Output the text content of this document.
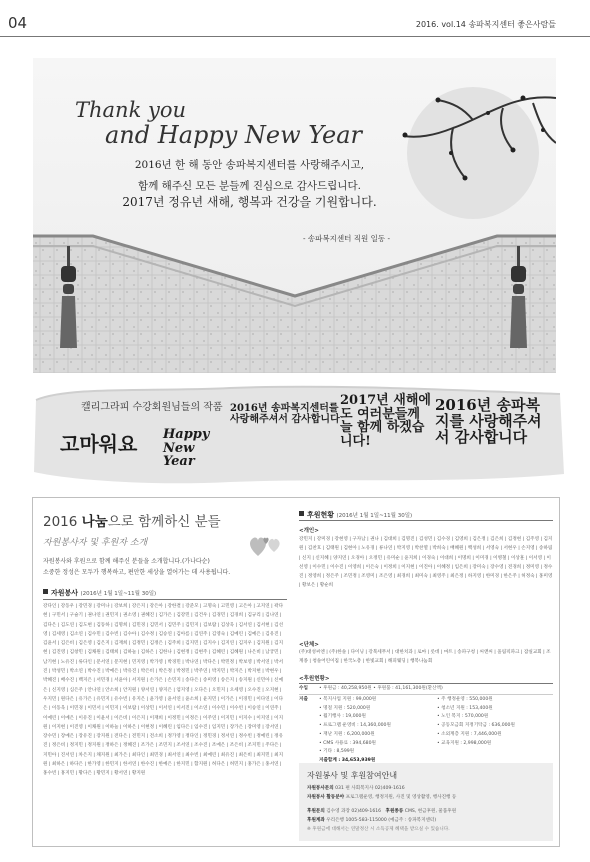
04	2016. vol.14 송파복지센터 좋은사람들
Thank you
and Happy New Year
2016년 한 해 동안 송파복지센터를 사랑해주시고,
함께 해주신 모든 분들께 진심으로 감사드립니다.
2017년 정유년 새해, 행복과 건강을 기원합니다.
- 송파복지센터 직원 일동 -
캘리그라피 수강회원님들의 작품
고마워요 Happy New Year
2016년 송파복지센터를 사랑해주셔서 감사합니다
2017년 새해에도 여러분들께 늘 함께 하겠습니다!
2016년 송파복지를 사랑해주셔서 감사합니다
2016 나눔으로 함께하신 분들
자원봉사자 및 후원자 소개
자원봉사와 후원으로 함께 해주신 분들을 소개합니다.(가나다순)
소중한 정성은 모두가 행복하고, 편안한 세상을 열어가는 데 사용됩니다.
자원봉사 (2016년 1월 1일~11월 30일)
강다인 | 강동우 | 강민경 | 강미나 | 강보희 | 강은지 | 강은아 | 강한결 | 강준모 | 고명숙 | 고민영 | 고은아 | 고지연 | 곽다현 | 구민서 | 구슬기 | 권나연 | 권민지 | 권소영 | 권혜진 | 김가은 | 김강민 | 김건우 | 김경민 | 김경희 | 김규리 | 김나연 | 김다은 | 김도연 | 김도현 | 김동하 | 김명희 | 김민경 | 김민서 | 김민주 | 김민지 | 김보람 | 김상욱 | 김서연 | 김서현 | 김선영 | 김세영 | 김소연 | 김수민 | 김수빈 | 김수아 | 김수정 | 김승연 | 김아름 | 김연주 | 김영숙 | 김예린 | 김예은 | 김유진 | 김윤서 | 김은비 | 김은영 | 김은지 | 김재희 | 김정민 | 김정은 | 김주희 | 김지민 | 김지수 | 김지연 | 김지우 | 김지원 | 김지현 | 김진영 | 김창민 | 김채원 | 김태희 | 김하늘 | 김하은 | 김한나 | 김현정 | 김현주 | 김혜린 | 김혜원 | 나은비 | 남궁민 | 남기현 | 노유진 | 류다인 | 문서연 | 문지현 | 민지영 | 박가영 | 박경민 | 박나연 | 박다은 | 박민정 | 박보영 | 박서연 | 박서진 | 박성민 | 박소연 | 박수진 | 박예은 | 박유진 | 박은비 | 박은정 | 박정민 | 박주연 | 박지민 | 박지은 | 박지현 | 박현우 | 박혜진 | 배수진 | 백지은 | 서민경 | 서윤아 | 서지원 | 손가은 | 손민지 | 송다은 | 송미영 | 송은지 | 송지원 | 신민아 | 신예은 | 신지영 | 심은주 | 안나연 | 안소희 | 안지원 | 양서연 | 양지은 | 엄지영 | 오다은 | 오민지 | 오세영 | 오수진 | 오지현 | 우지민 | 원다은 | 유가은 | 유민지 | 유수빈 | 유지은 | 윤가영 | 윤서연 | 윤소희 | 윤지민 | 이가은 | 이경민 | 이다연 | 이다은 | 이동욱 | 이민경 | 이민서 | 이민지 | 이보람 | 이상민 | 이서연 | 이서진 | 이소연 | 이수민 | 이수빈 | 이승연 | 이연주 | 이예린 | 이예은 | 이유진 | 이윤서 | 이은비 | 이은지 | 이재희 | 이정민 | 이정은 | 이주연 | 이지민 | 이지수 | 이지연 | 이지원 | 이지현 | 이진영 | 이채원 | 이하늘 | 이하은 | 이현정 | 이혜린 | 임다은 | 임수진 | 임지민 | 장가은 | 장미영 | 장서연 | 장수민 | 장예은 | 장유진 | 장지원 | 전다은 | 전민지 | 전소희 | 정가영 | 정다인 | 정민경 | 정서연 | 정수빈 | 정예린 | 정유진 | 정은비 | 정지민 | 정지원 | 정하은 | 정혜진 | 조가은 | 조민지 | 조서연 | 조수진 | 조예은 | 조은비 | 조지민 | 주다은 | 지민아 | 진서연 | 차은지 | 채지원 | 최가은 | 최다인 | 최민경 | 최서연 | 최수빈 | 최예린 | 최유진 | 최은비 | 최지민 | 최지원 | 최하은 | 하다은 | 한가영 | 한민지 | 한서연 | 한수진 | 한예은 | 한지민 | 함지원 | 허다은 | 허민지 | 홍가은 | 홍서연 | 홍수빈 | 홍지민 | 황다은 | 황민지 | 황서연 | 황지원
후원현황 (2016년 1월 1일~11월 30일)
<개인>
강민지 | 강미경 | 강현영 | 구자남 | 권나 | 김대희 | 김명진 | 김성민 | 김수경 | 김영희 | 김은정 | 김은희 | 김정현 | 김주영 | 김지원 | 김찬호 | 김태원 | 김현아 | 노유경 | 류나연 | 박지영 | 박찬열 | 박희숙 | 배혜원 | 백성희 | 서영숙 | 서현우 | 손지영 | 송하림 | 신지 | 신지혜 | 양지연 | 오경아 | 오정민 | 유미순 | 윤지희 | 이경숙 | 이대희 | 이명희 | 이미경 | 이병철 | 이상훈 | 이서영 | 이선영 | 이수민 | 이수진 | 이영희 | 이은숙 | 이정희 | 이지현 | 이진아 | 이혜정 | 임은희 | 장미숙 | 장수영 | 전경희 | 정미영 | 정수진 | 정영희 | 정은주 | 조민정 | 조영미 | 조은영 | 최경희 | 최미숙 | 최영주 | 최은정 | 하지영 | 한미경 | 한은주 | 허정숙 | 홍미영 | 황보은 | 황순희
<단체>
(주)대성씨엔 | (주)한솔 | 다이닝 | 강북세무서 | 대한치과 | 로마 | 롯데 | 마트 | 송파구청 | 씨앤씨 | 올림픽파크 | 잠실교회 | 조계종 | 청솔어린이집 | 한국노총 | 한빛교회 | 해피웨딩 | 행복나눔회
<후원현황>
수입 • 후원금 : 40,258,950원 • 후원품 : 41,161,300원(환산액)
지출 • 복지사업 지원 : 99,000원
• 명절 지원 : 520,000원
• 월기행사 : 19,000원
• 프로그램 운영비 : 14,360,000원
• 재난 지원 : 6,200,000원
• CMS 사용료 : 394,680원
• 기타 : 8,599원
• 주 행정운영 : 550,000원
• 청소년 지원 : 153,400원
• 노인 복지 : 570,000원
• 공동모금회 지정기탁금 : 636,000원
• 소외계층 지원 : 7,446,000원
• 교육지원 : 2,998,000원
지출합계 : 34,653,939원
자원봉사 및 후원참여안내
자원봉사문의 031 편 사회복지사 02)409-1616
자원봉사 활동분야 프로그램운영, 행정지원, 사진 및 영상촬영, 행사진행 등
후원문의 김수영 과장 02)409-1616 후원종류 CMS, 현금후원, 물품후원
후원계좌 우리은행 1005-583-115000 (예금주 : 송파복지센터)
※ 후원금에 대해서는 연말정산 시 소득공제 혜택을 받으실 수 있습니다.
